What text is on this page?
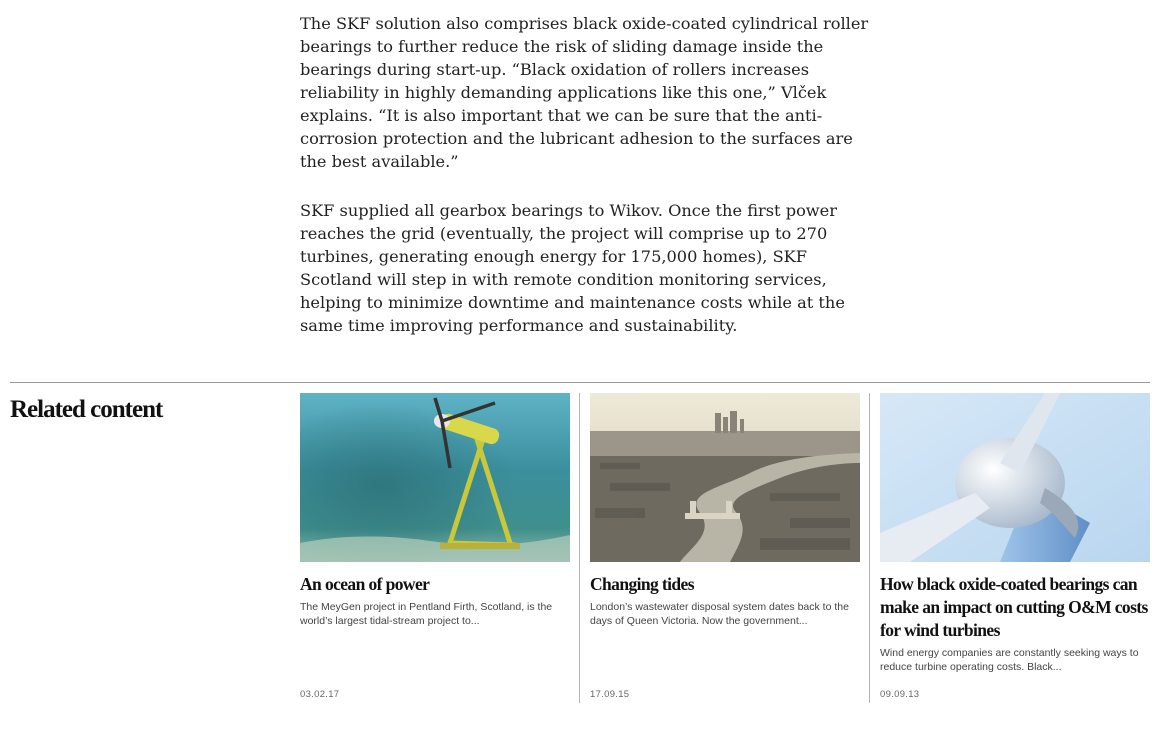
The SKF solution also comprises black oxide-coated cylindrical roller bearings to further reduce the risk of sliding damage inside the bearings during start-up. “Black oxidation of rollers increases reliability in highly demanding applications like this one,” Vlček explains. “It is also important that we can be sure that the anti-corrosion protection and the lubricant adhesion to the surfaces are the best available.”

SKF supplied all gearbox bearings to Wikov. Once the first power reaches the grid (eventually, the project will comprise up to 270 turbines, generating enough energy for 175,000 homes), SKF Scotland will step in with remote condition monitoring services, helping to minimize downtime and maintenance costs while at the same time improving performance and sustainability.

Related content
An ocean of power

The MeyGen project in Pentland Firth, Scotland, is the world’s largest tidal-stream project to...

03.02.17
Changing tides

London’s wastewater disposal system dates back to the days of Queen Victoria. Now the government...

17.09.15
How black oxide-coated bearings can make an impact on cutting O&M costs for wind turbines

Wind energy companies are constantly seeking ways to reduce turbine operating costs. Black...

09.09.13
